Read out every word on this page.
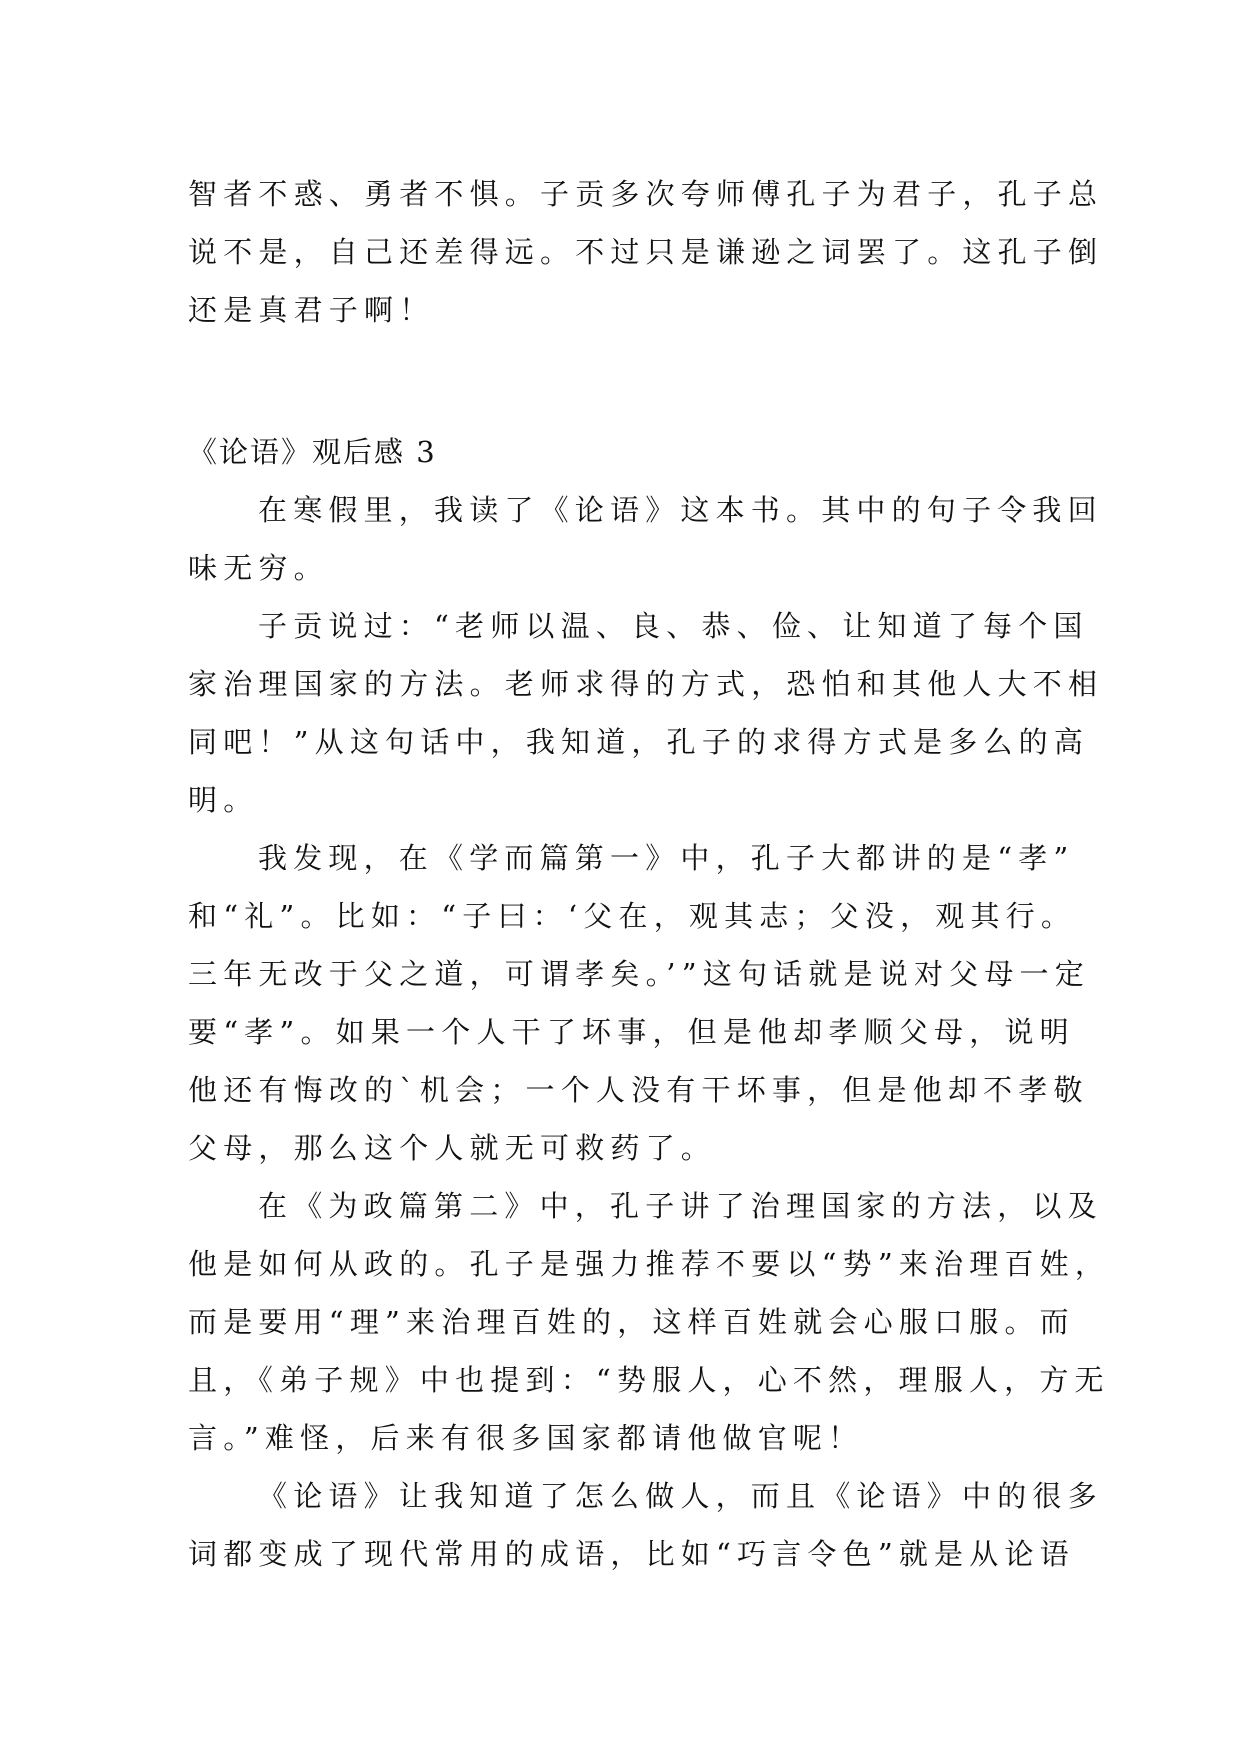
智者不惑、勇者不惧。子贡多次夸师傅孔子为君子，孔子总
说不是，自己还差得远。不过只是谦逊之词罢了。这孔子倒
还是真君子啊！
《论语》观后感 3
在寒假里，我读了《论语》这本书。其中的句子令我回
味无穷。
子贡说过：“老师以温、良、恭、俭、让知道了每个国
家治理国家的方法。老师求得的方式，恐怕和其他人大不相
同吧！”从这句话中，我知道，孔子的求得方式是多么的高
明。
我发现，在《学而篇第一》中，孔子大都讲的是“孝”
和“礼”。比如：“子曰：‘父在，观其志；父没，观其行。
三年无改于父之道，可谓孝矣。’”这句话就是说对父母一定
要“孝”。如果一个人干了坏事，但是他却孝顺父母，说明
他还有悔改的`机会；一个人没有干坏事，但是他却不孝敬
父母，那么这个人就无可救药了。
在《为政篇第二》中，孔子讲了治理国家的方法，以及
他是如何从政的。孔子是强力推荐不要以“势”来治理百姓，
而是要用“理”来治理百姓的，这样百姓就会心服口服。而
且，《弟子规》中也提到：“势服人，心不然，理服人，方无
言。”难怪，后来有很多国家都请他做官呢！
《论语》让我知道了怎么做人，而且《论语》中的很多
词都变成了现代常用的成语，比如“巧言令色”就是从论语
